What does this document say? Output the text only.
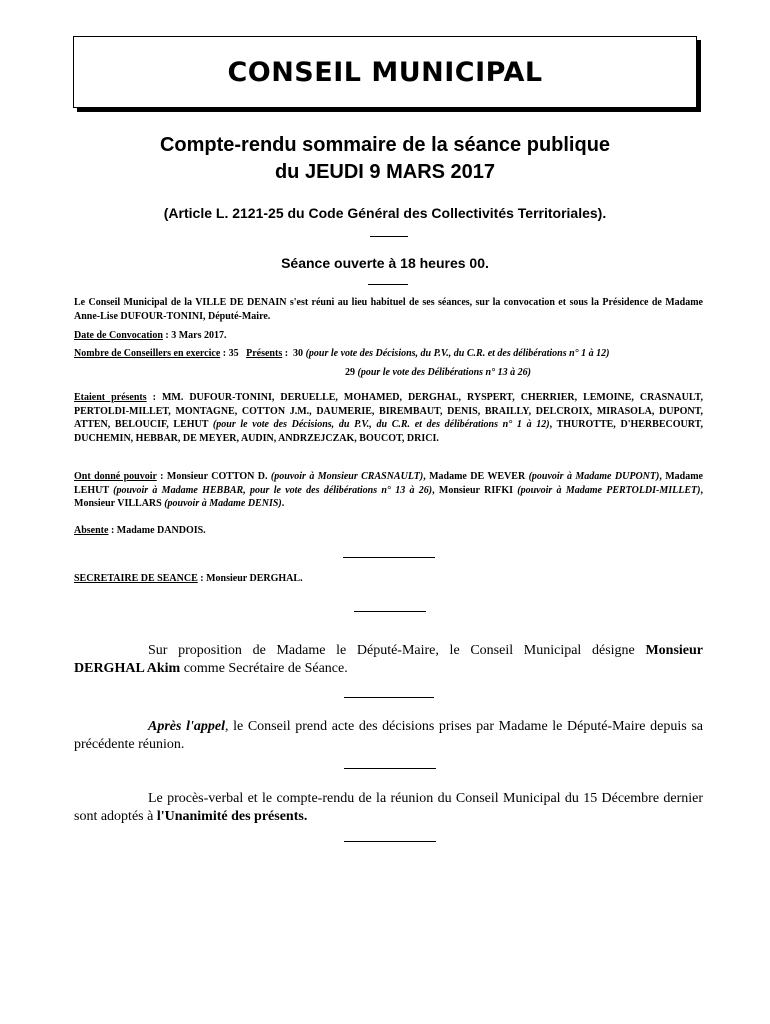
CONSEIL MUNICIPAL
Compte-rendu sommaire de la séance publique
du JEUDI 9 MARS 2017
(Article L. 2121-25 du Code Général des Collectivités Territoriales).
Séance ouverte à 18 heures 00.
Le Conseil Municipal de la VILLE DE DENAIN s'est réuni au lieu habituel de ses séances, sur la convocation et sous la Présidence de Madame Anne-Lise DUFOUR-TONINI, Député-Maire.
Date de Convocation : 3 Mars 2017.
Nombre de Conseillers en exercice : 35   Présents :  30 (pour le vote des Décisions, du P.V., du C.R. et des délibérations n° 1 à 12)
29 (pour le vote des Délibérations n° 13 à 26)
Etaient présents : MM. DUFOUR-TONINI, DERUELLE, MOHAMED, DERGHAL, RYSPERT, CHERRIER, LEMOINE, CRASNAULT, PERTOLDI-MILLET, MONTAGNE, COTTON J.M., DAUMERIE, BIREMBAUT, DENIS, BRAILLY, DELCROIX, MIRASOLA, DUPONT, ATTEN, BELOUCIF, LEHUT (pour le vote des Décisions, du P.V., du C.R. et des délibérations n° 1 à 12), THUROTTE, D'HERBECOURT, DUCHEMIN, HEBBAR, DE MEYER, AUDIN, ANDRZEJCZAK, BOUCOT, DRICI.
Ont donné pouvoir : Monsieur COTTON D. (pouvoir à Monsieur CRASNAULT), Madame DE WEVER (pouvoir à Madame DUPONT), Madame LEHUT (pouvoir à Madame HEBBAR, pour le vote des délibérations n° 13 à 26), Monsieur RIFKI (pouvoir à Madame PERTOLDI-MILLET), Monsieur VILLARS (pouvoir à Madame DENIS).
Absente : Madame DANDOIS.
SECRETAIRE DE SEANCE : Monsieur DERGHAL.
Sur proposition de Madame le Député-Maire, le Conseil Municipal désigne Monsieur DERGHAL Akim comme Secrétaire de Séance.
Après l'appel, le Conseil prend acte des décisions prises par Madame le Député-Maire depuis sa précédente réunion.
Le procès-verbal et le compte-rendu de la réunion du Conseil Municipal du 15 Décembre dernier sont adoptés à l'Unanimité des présents.
